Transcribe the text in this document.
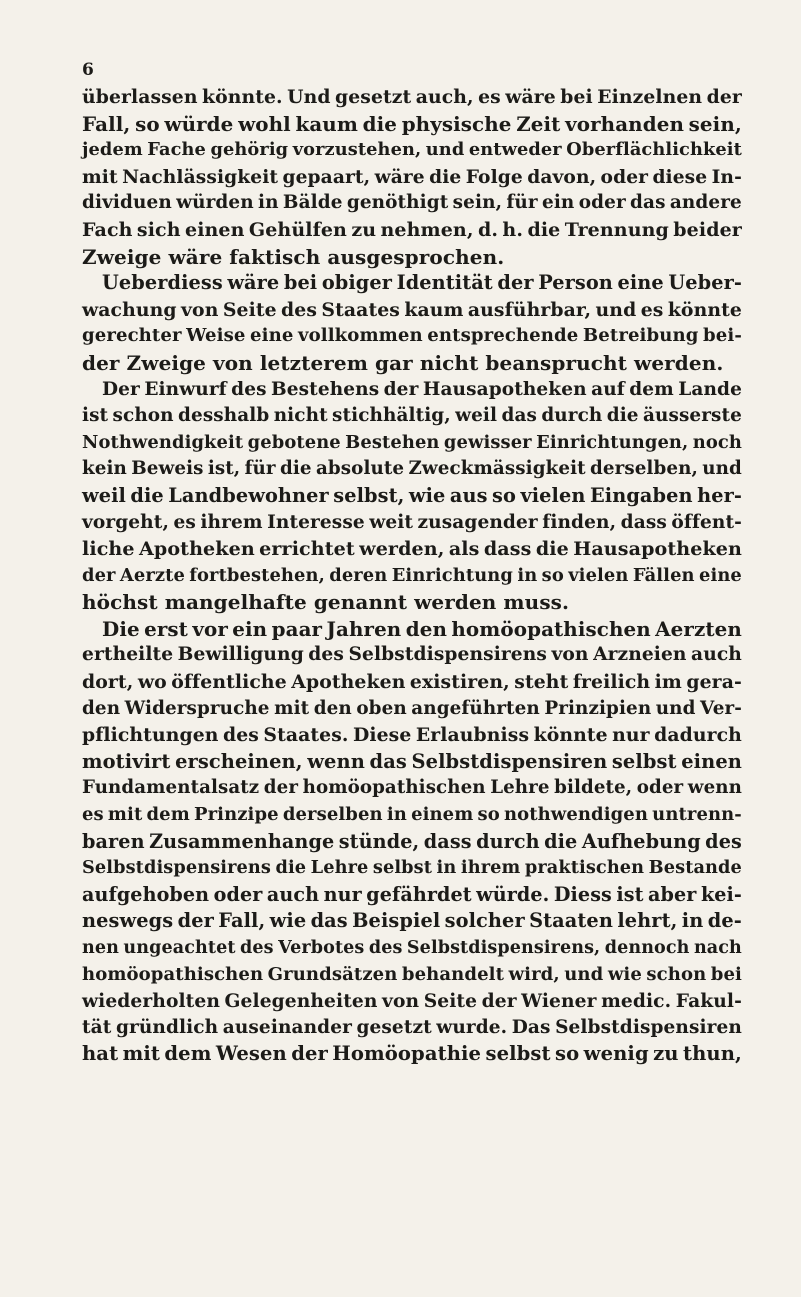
6
überlassen könnte. Und gesetzt auch, es wäre bei Einzelnen der
Fall, so würde wohl kaum die physische Zeit vorhanden sein,
jedem Fache gehörig vorzustehen, und entweder Oberflächlichkeit
mit Nachlässigkeit gepaart, wäre die Folge davon, oder diese In-
dividuen würden in Bälde genöthigt sein, für ein oder das andere
Fach sich einen Gehülfen zu nehmen, d. h. die Trennung beider
Zweige wäre faktisch ausgesprochen.
Ueberdiess wäre bei obiger Identität der Person eine Ueber-
wachung von Seite des Staates kaum ausführbar, und es könnte
gerechter Weise eine vollkommen entsprechende Betreibung bei-
der Zweige von letzterem gar nicht beansprucht werden.
Der Einwurf des Bestehens der Hausapotheken auf dem Lande
ist schon desshalb nicht stichhältig, weil das durch die äusserste
Nothwendigkeit gebotene Bestehen gewisser Einrichtungen, noch
kein Beweis ist, für die absolute Zweckmässigkeit derselben, und
weil die Landbewohner selbst, wie aus so vielen Eingaben her-
vorgeht, es ihrem Interesse weit zusagender finden, dass öffent-
liche Apotheken errichtet werden, als dass die Hausapotheken
der Aerzte fortbestehen, deren Einrichtung in so vielen Fällen eine
höchst mangelhafte genannt werden muss.
Die erst vor ein paar Jahren den homöopathischen Aerzten
ertheilte Bewilligung des Selbstdispensirens von Arzneien auch
dort, wo öffentliche Apotheken existiren, steht freilich im gera-
den Widerspruche mit den oben angeführten Prinzipien und Ver-
pflichtungen des Staates. Diese Erlaubniss könnte nur dadurch
motivirt erscheinen, wenn das Selbstdispensiren selbst einen
Fundamentalsatz der homöopathischen Lehre bildete, oder wenn
es mit dem Prinzipe derselben in einem so nothwendigen untrenn-
baren Zusammenhange stünde, dass durch die Aufhebung des
Selbstdispensirens die Lehre selbst in ihrem praktischen Bestande
aufgehoben oder auch nur gefährdet würde. Diess ist aber kei-
neswegs der Fall, wie das Beispiel solcher Staaten lehrt, in de-
nen ungeachtet des Verbotes des Selbstdispensirens, dennoch nach
homöopathischen Grundsätzen behandelt wird, und wie schon bei
wiederholten Gelegenheiten von Seite der Wiener medic. Fakul-
tät gründlich auseinander gesetzt wurde. Das Selbstdispensiren
hat mit dem Wesen der Homöopathie selbst so wenig zu thun,
